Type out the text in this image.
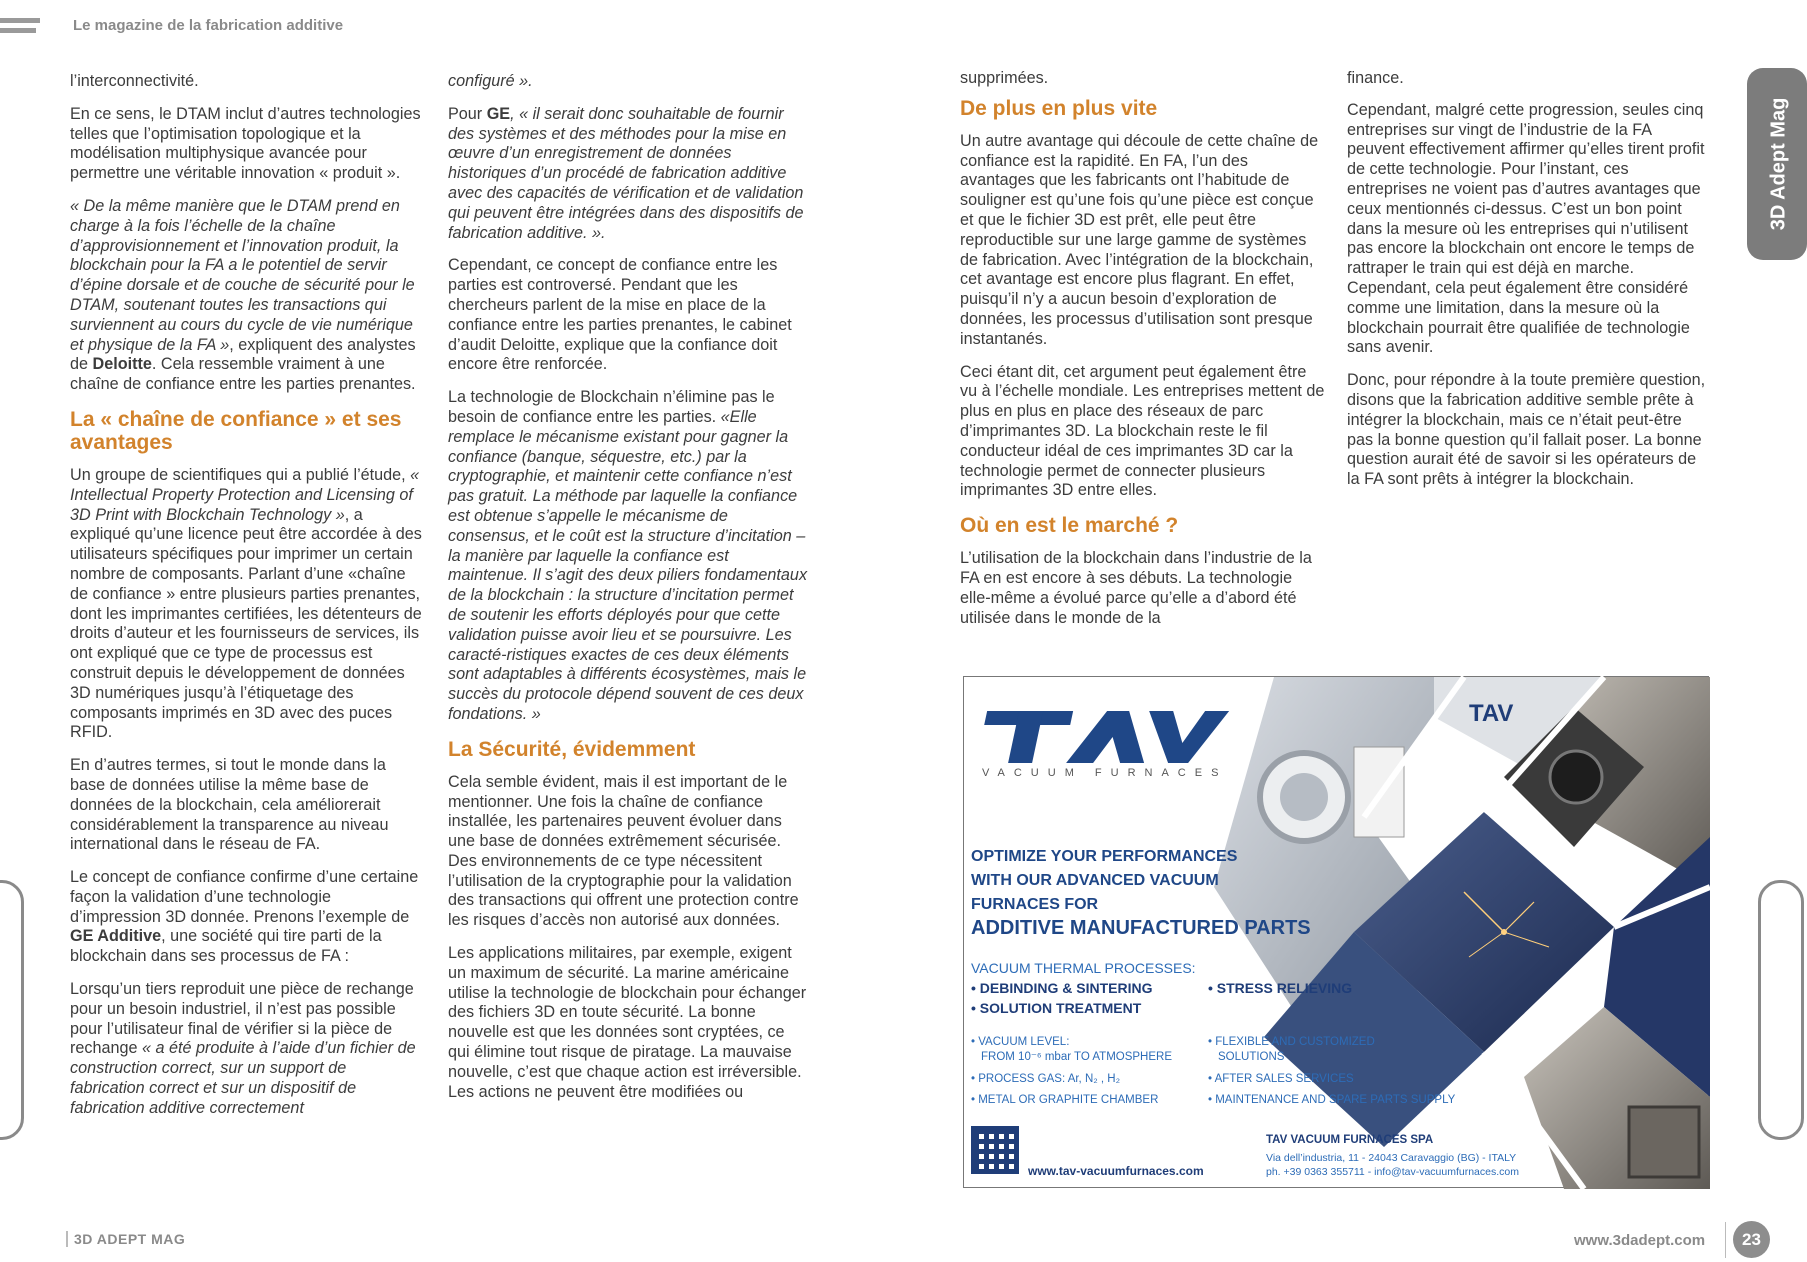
Le magazine de la fabrication additive

l’interconnectivité.

En ce sens, le DTAM inclut d’autres technologies telles que l’optimisation topologique et la modélisation multiphysique avancée pour permettre une véritable innovation « produit ».

« De la même manière que le DTAM prend en charge à la fois l’échelle de la chaîne d’approvisionnement et l’innovation produit, la blockchain pour la FA a le potentiel de servir d’épine dorsale et de couche de sécurité pour le DTAM, soutenant toutes les transactions qui surviennent au cours du cycle de vie numérique et physique de la FA », expliquent des analystes de Deloitte. Cela ressemble vraiment à une chaîne de confiance entre les parties prenantes.

La « chaîne de confiance » et ses avantages

Un groupe de scientifiques qui a publié l’étude, « Intellectual Property Protection and Licensing of 3D Print with Blockchain Technology », a expliqué qu’une licence peut être accordée à des utilisateurs spécifiques pour imprimer un certain nombre de composants. Parlant d’une «chaîne de confiance » entre plusieurs parties prenantes, dont les imprimantes certifiées, les détenteurs de droits d’auteur et les fournisseurs de services, ils ont expliqué que ce type de processus est construit depuis le développement de données 3D numériques jusqu’à l’étiquetage des composants imprimés en 3D avec des puces RFID.

En d’autres termes, si tout le monde dans la base de données utilise la même base de données de la blockchain, cela améliorerait considérablement la transparence au niveau international dans le réseau de FA.

Le concept de confiance confirme d’une certaine façon la validation d’une technologie d’impression 3D donnée. Prenons l’exemple de GE Additive, une société qui tire parti de la blockchain dans ses processus de FA :

Lorsqu’un tiers reproduit une pièce de rechange pour un besoin industriel, il n’est pas possible pour l’utilisateur final de vérifier si la pièce de rechange « a été produite à l’aide d’un fichier de construction correct, sur un support de fabrication correct et sur un dispositif de fabrication additive correctement

configuré ».

Pour GE, « il serait donc souhaitable de fournir des systèmes et des méthodes pour la mise en œuvre d’un enregistrement de données historiques d’un procédé de fabrication additive avec des capacités de vérification et de validation qui peuvent être intégrées dans des dispositifs de fabrication additive. ».

Cependant, ce concept de confiance entre les parties est controversé. Pendant que les chercheurs parlent de la mise en place de la confiance entre les parties prenantes, le cabinet d’audit Deloitte, explique que la confiance doit encore être renforcée.

La technologie de Blockchain n’élimine pas le besoin de confiance entre les parties. «Elle remplace le mécanisme existant pour gagner la confiance (banque, séquestre, etc.) par la cryptographie, et maintenir cette confiance n’est pas gratuit. La méthode par laquelle la confiance est obtenue s’appelle le mécanisme de consensus, et le coût est la structure d’incitation – la manière par laquelle la confiance est maintenue. Il s’agit des deux piliers fondamentaux de la blockchain : la structure d’incitation permet de soutenir les efforts déployés pour que cette validation puisse avoir lieu et se poursuivre. Les caracté-ristiques exactes de ces deux éléments sont adaptables à différents écosystèmes, mais le succès du protocole dépend souvent de ces deux fondations. »

La Sécurité, évidemment

Cela semble évident, mais il est important de le mentionner. Une fois la chaîne de confiance installée, les partenaires peuvent évoluer dans une base de données extrêmement sécurisée. Des environnements de ce type nécessitent l’utilisation de la cryptographie pour la validation des transactions qui offrent une protection contre les risques d’accès non autorisé aux données.

Les applications militaires, par exemple, exigent un maximum de sécurité. La marine américaine utilise la technologie de blockchain pour échanger des fichiers 3D en toute sécurité. La bonne nouvelle est que les données sont cryptées, ce qui élimine tout risque de piratage. La mauvaise nouvelle, c’est que chaque action est irréversible. Les actions ne peuvent être modifiées ou

supprimées.

De plus en plus vite

Un autre avantage qui découle de cette chaîne de confiance est la rapidité. En FA, l’un des avantages que les fabricants ont l’habitude de souligner est qu’une fois qu’une pièce est conçue et que le fichier 3D est prêt, elle peut être reproductible sur une large gamme de systèmes de fabrication. Avec l’intégration de la blockchain, cet avantage est encore plus flagrant. En effet, puisqu’il n’y a aucun besoin d’exploration de données, les processus d’utilisation sont presque instantanés.

Ceci étant dit, cet argument peut également être vu à l’échelle mondiale. Les entreprises mettent de plus en plus en place des réseaux de parc d’imprimantes 3D. La blockchain reste le fil conducteur idéal de ces imprimantes 3D car la technologie permet de connecter plusieurs imprimantes 3D entre elles.

Où en est le marché ?

L’utilisation de la blockchain dans l’industrie de la FA en est encore à ses débuts. La technologie elle-même a évolué parce qu’elle a d’abord été utilisée dans le monde de la

finance.

Cependant, malgré cette progression, seules cinq entreprises sur vingt de l’industrie de la FA peuvent effectivement affirmer qu’elles tirent profit de cette technologie. Pour l’instant, ces entreprises ne voient pas d’autres avantages que ceux mentionnés ci-dessus. C’est un bon point dans la mesure où les entreprises qui n’utilisent pas encore la blockchain ont encore le temps de rattraper le train qui est déjà en marche. Cependant, cela peut également être considéré comme une limitation, dans la mesure où la blockchain pourrait être qualifiée de technologie sans avenir.

Donc, pour répondre à la toute première question, disons que la fabrication additive semble prête à intégrer la blockchain, mais ce n’était peut-être pas la bonne question qu’il fallait poser. La bonne question aurait été de savoir si les opérateurs de la FA sont prêts à intégrer la blockchain.

TAV
VACUUM FURNACES
OPTIMIZE YOUR PERFORMANCES
WITH OUR ADVANCED VACUUM
FURNACES FOR
ADDITIVE MANUFACTURED PARTS
VACUUM THERMAL PROCESSES:
• DEBINDING & SINTERING
• SOLUTION TREATMENT
• STRESS RELIEVING
• VACUUM LEVEL:
FROM 10⁻⁶ mbar TO ATMOSPHERE
• PROCESS GAS: Ar, N₂ , H₂
• METAL OR GRAPHITE CHAMBER
• FLEXIBLE AND CUSTOMIZED
SOLUTIONS
• AFTER SALES SERVICES
• MAINTENANCE AND SPARE PARTS SUPPLY
www.tav-vacuumfurnaces.com
TAV VACUUM FURNACES SPA
Via dell’industria, 11 - 24043 Caravaggio (BG) - ITALY
ph. +39 0363 355711 - info@tav-vacuumfurnaces.com
3D Adept Mag
3D ADEPT MAG	www.3dadept.com	23
